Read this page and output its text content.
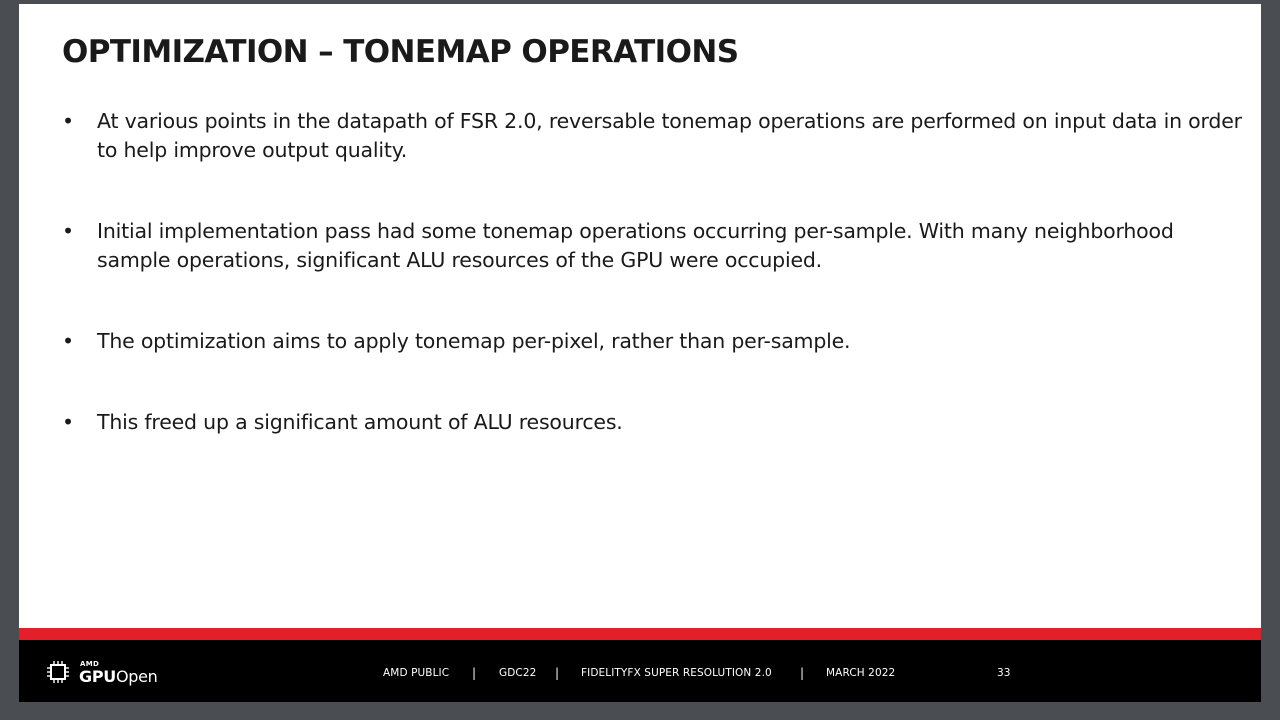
OPTIMIZATION – TONEMAP OPERATIONS
•	At various points in the datapath of FSR 2.0, reversable tonemap operations are performed on input data in order to help improve output quality.
•	Initial implementation pass had some tonemap operations occurring per-sample. With many neighborhood sample operations, significant ALU resources of the GPU were occupied.
•	The optimization aims to apply tonemap per-pixel, rather than per-sample.
•	This freed up a significant amount of ALU resources.
AMD
GPUOpen	AMD PUBLIC | GDC22 | FIDELITYFX SUPER RESOLUTION 2.0 | MARCH 2022	33
